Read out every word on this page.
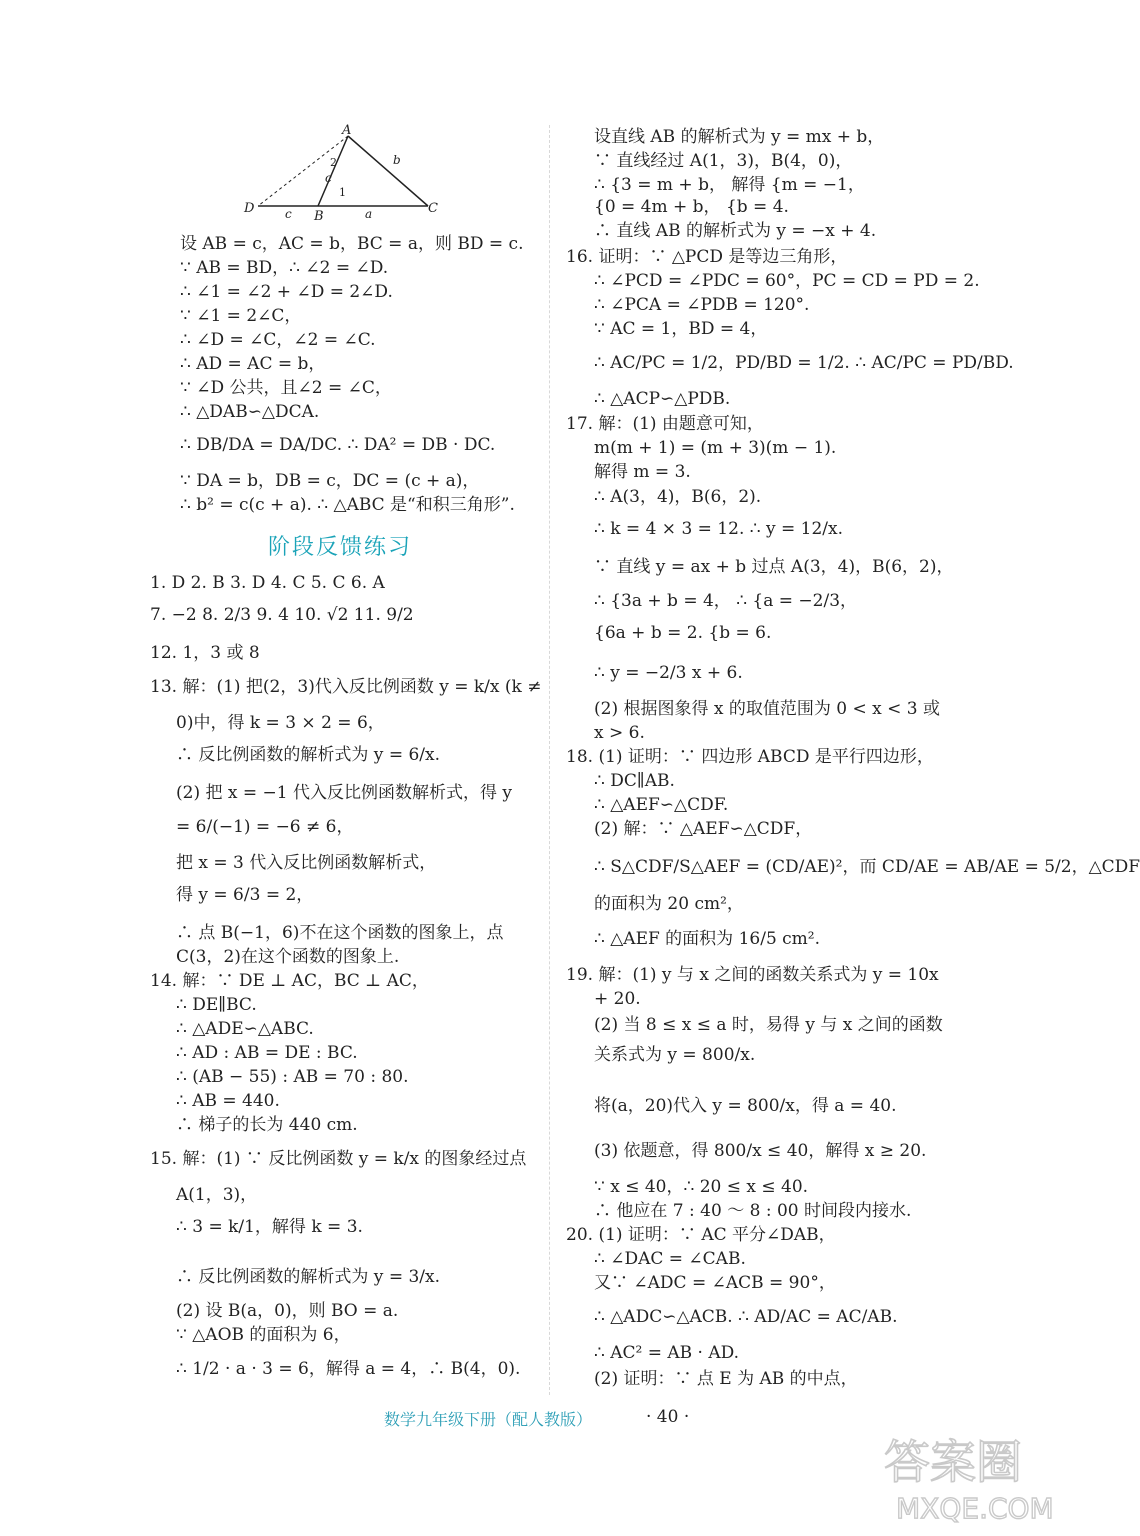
A
D
B
C
b
c
c	a
1
2
设 AB = c，AC = b，BC = a，则 BD = c.
∵ AB = BD，∴ ∠2 = ∠D.
∴ ∠1 = ∠2 + ∠D = 2∠D.
∵ ∠1 = 2∠C，
∴ ∠D = ∠C，∠2 = ∠C.
∴ AD = AC = b，
∵ ∠D 公共，且∠2 = ∠C，
∴ △DAB∽△DCA.
∴ DB/DA = DA/DC. ∴ DA² = DB · DC.
∵ DA = b，DB = c，DC = (c + a)，
∴ b² = c(c + a). ∴ △ABC 是“和积三角形”.
阶段反馈练习
1. D 2. B 3. D 4. C 5. C 6. A
7. −2 8. 2/3 9. 4 10. √2 11. 9/2
12. 1，3 或 8
13. 解：(1) 把(2，3)代入反比例函数 y = k/x (k ≠
0)中，得 k = 3 × 2 = 6，
∴ 反比例函数的解析式为 y = 6/x.
(2) 把 x = −1 代入反比例函数解析式，得 y
= 6/(−1) = −6 ≠ 6，
把 x = 3 代入反比例函数解析式，
得 y = 6/3 = 2，
∴ 点 B(−1，6)不在这个函数的图象上，点
C(3，2)在这个函数的图象上.
14. 解：∵ DE ⊥ AC，BC ⊥ AC，
∴ DE∥BC.
∴ △ADE∽△ABC.
∴ AD : AB = DE : BC.
∴ (AB − 55) : AB = 70 : 80.
∴ AB = 440.
∴ 梯子的长为 440 cm.
15. 解：(1) ∵ 反比例函数 y = k/x 的图象经过点
A(1，3)，
∴ 3 = k/1，解得 k = 3.
∴ 反比例函数的解析式为 y = 3/x.
(2) 设 B(a，0)，则 BO = a.
∵ △AOB 的面积为 6，
∴ 1/2 · a · 3 = 6，解得 a = 4，∴ B(4，0).
设直线 AB 的解析式为 y = mx + b，
∵ 直线经过 A(1，3)，B(4，0)，
∴ {3 = m + b， 解得 {m = −1，
{0 = 4m + b， {b = 4.
∴ 直线 AB 的解析式为 y = −x + 4.
16. 证明：∵ △PCD 是等边三角形，
∴ ∠PCD = ∠PDC = 60°，PC = CD = PD = 2.
∴ ∠PCA = ∠PDB = 120°.
∵ AC = 1，BD = 4，
∴ AC/PC = 1/2，PD/BD = 1/2. ∴ AC/PC = PD/BD.
∴ △ACP∽△PDB.
17. 解：(1) 由题意可知，
m(m + 1) = (m + 3)(m − 1).
解得 m = 3.
∴ A(3，4)，B(6，2).
∴ k = 4 × 3 = 12. ∴ y = 12/x.
∵ 直线 y = ax + b 过点 A(3，4)，B(6，2)，
∴ {3a + b = 4， ∴ {a = −2/3，
{6a + b = 2. {b = 6.
∴ y = −2/3 x + 6.
(2) 根据图象得 x 的取值范围为 0 < x < 3 或
x > 6.
18. (1) 证明：∵ 四边形 ABCD 是平行四边形，
∴ DC∥AB.
∴ △AEF∽△CDF.
(2) 解：∵ △AEF∽△CDF，
∴ S△CDF/S△AEF = (CD/AE)²，而 CD/AE = AB/AE = 5/2，△CDF
的面积为 20 cm²，
∴ △AEF 的面积为 16/5 cm².
19. 解：(1) y 与 x 之间的函数关系式为 y = 10x
+ 20.
(2) 当 8 ≤ x ≤ a 时，易得 y 与 x 之间的函数
关系式为 y = 800/x.
将(a，20)代入 y = 800/x，得 a = 40.
(3) 依题意，得 800/x ≤ 40，解得 x ≥ 20.
∵ x ≤ 40，∴ 20 ≤ x ≤ 40.
∴ 他应在 7 : 40 ～ 8 : 00 时间段内接水.
20. (1) 证明：∵ AC 平分∠DAB，
∴ ∠DAC = ∠CAB.
又∵ ∠ADC = ∠ACB = 90°，
∴ △ADC∽△ACB. ∴ AD/AC = AC/AB.
∴ AC² = AB · AD.
(2) 证明：∵ 点 E 为 AB 的中点，
数学九年级下册（配人教版）	· 40 ·
答案圈
MXQE.COM
